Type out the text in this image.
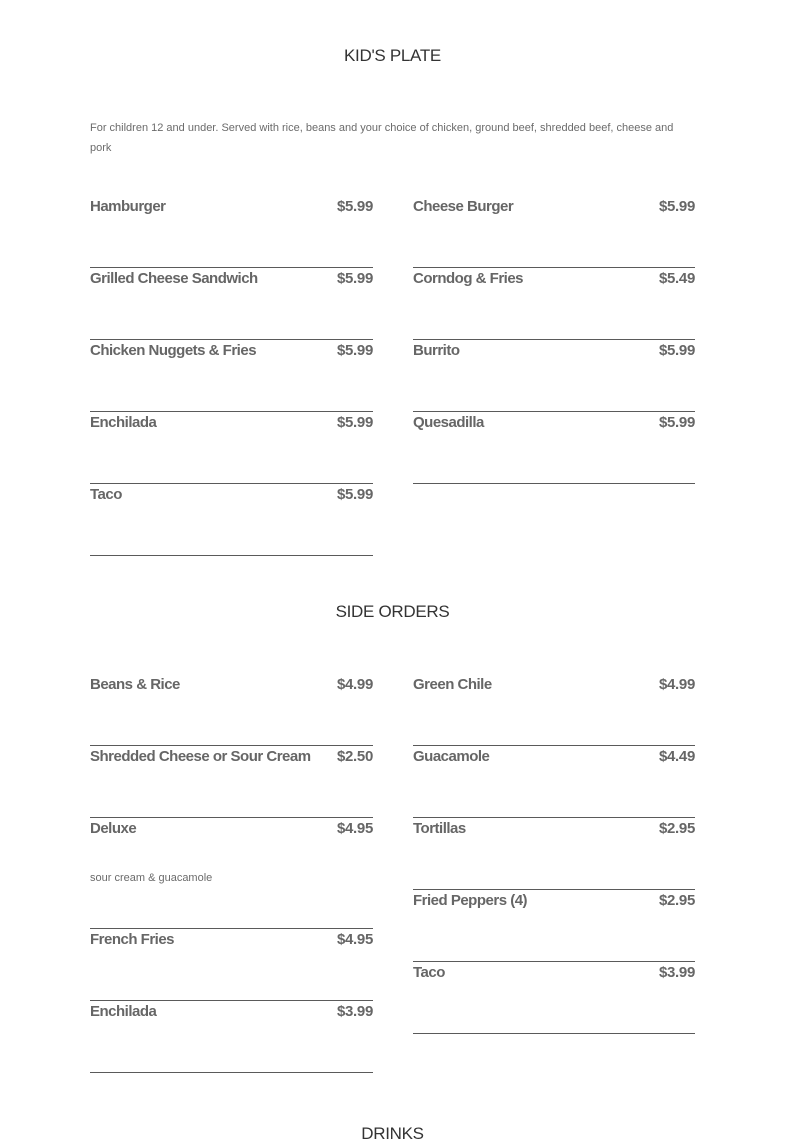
KID'S PLATE

For children 12 and under. Served with rice, beans and your choice of chicken, ground beef, shredded beef, cheese and pork

Hamburger	$5.99
Grilled Cheese Sandwich	$5.99
Chicken Nuggets & Fries	$5.99
Enchilada	$5.99
Taco	$5.99
Cheese Burger	$5.99
Corndog & Fries	$5.49
Burrito	$5.99
Quesadilla	$5.99
SIDE ORDERS
Beans & Rice	$4.99
Shredded Cheese or Sour Cream $2.50
Deluxe	$4.95
sour cream & guacamole
French Fries	$4.95
Enchilada	$3.99
Green Chile	$4.99
Guacamole	$4.49
Tortillas	$2.95
Fried Peppers (4)	$2.95
Taco	$3.99
DRINKS
